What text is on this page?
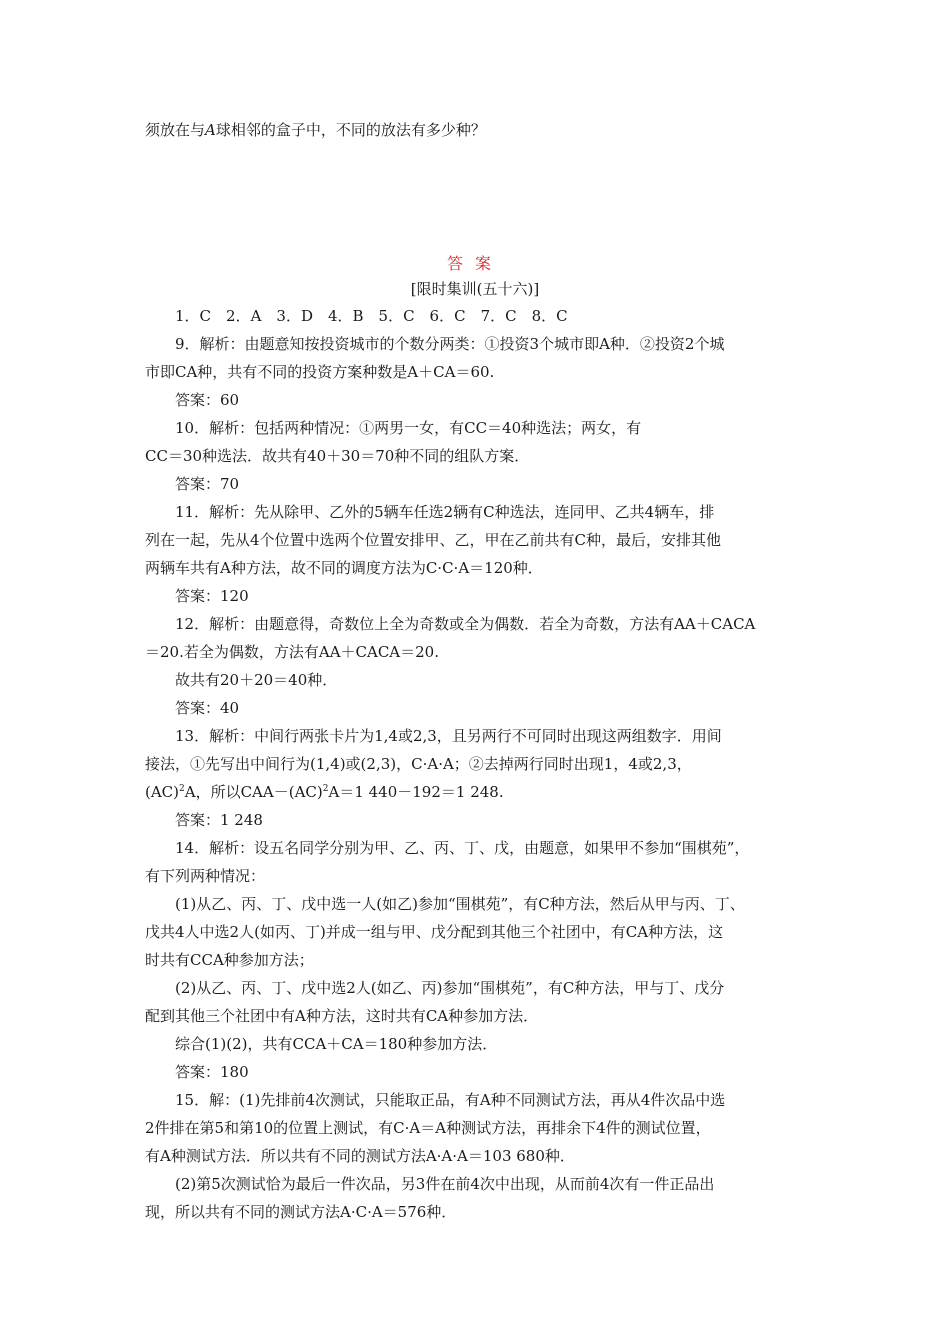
须放在与A球相邻的盒子中，不同的放法有多少种？
答案
[限时集训(五十六)]

1．C　2．A　3．D　4．B　5．C　6．C　7．C　8．C

9．解析：由题意知按投资城市的个数分两类：①投资3个城市即A种．②投资2个城

市即CA种，共有不同的投资方案种数是A＋CA＝60.

答案：60

10．解析：包括两种情况：①两男一女，有CC＝40种选法；两女，有

CC＝30种选法．故共有40＋30＝70种不同的组队方案．

答案：70

11．解析：先从除甲、乙外的5辆车任选2辆有C种选法，连同甲、乙共4辆车，排

列在一起，先从4个位置中选两个位置安排甲、乙，甲在乙前共有C种，最后，安排其他

两辆车共有A种方法，故不同的调度方法为C·C·A＝120种．

答案：120

12．解析：由题意得，奇数位上全为奇数或全为偶数．若全为奇数，方法有AA＋CACA

＝20.若全为偶数，方法有AA＋CACA＝20.

故共有20＋20＝40种．

答案：40

13．解析：中间行两张卡片为1,4或2,3，且另两行不可同时出现这两组数字．用间

接法，①先写出中间行为(1,4)或(2,3)，C·A·A；②去掉两行同时出现1，4或2,3，

(AC)$^2$A，所以CAA－(AC)$^2$A＝1 440－192＝1 248.

答案：1 248

14．解析：设五名同学分别为甲、乙、丙、丁、戊，由题意，如果甲不参加“围棋苑”，

有下列两种情况：

(1)从乙、丙、丁、戊中选一人(如乙)参加“围棋苑”，有C种方法，然后从甲与丙、丁、

戊共4人中选2人(如丙、丁)并成一组与甲、戊分配到其他三个社团中，有CA种方法，这

时共有CCA种参加方法；

(2)从乙、丙、丁、戊中选2人(如乙、丙)参加“围棋苑”，有C种方法，甲与丁、戊分

配到其他三个社团中有A种方法，这时共有CA种参加方法．

综合(1)(2)，共有CCA＋CA＝180种参加方法．

答案：180

15．解：(1)先排前4次测试，只能取正品，有A种不同测试方法，再从4件次品中选

2件排在第5和第10的位置上测试，有C·A＝A种测试方法，再排余下4件的测试位置，

有A种测试方法．所以共有不同的测试方法A·A·A＝103 680种．

(2)第5次测试恰为最后一件次品，另3件在前4次中出现，从而前4次有一件正品出

现，所以共有不同的测试方法A·C·A＝576种．
